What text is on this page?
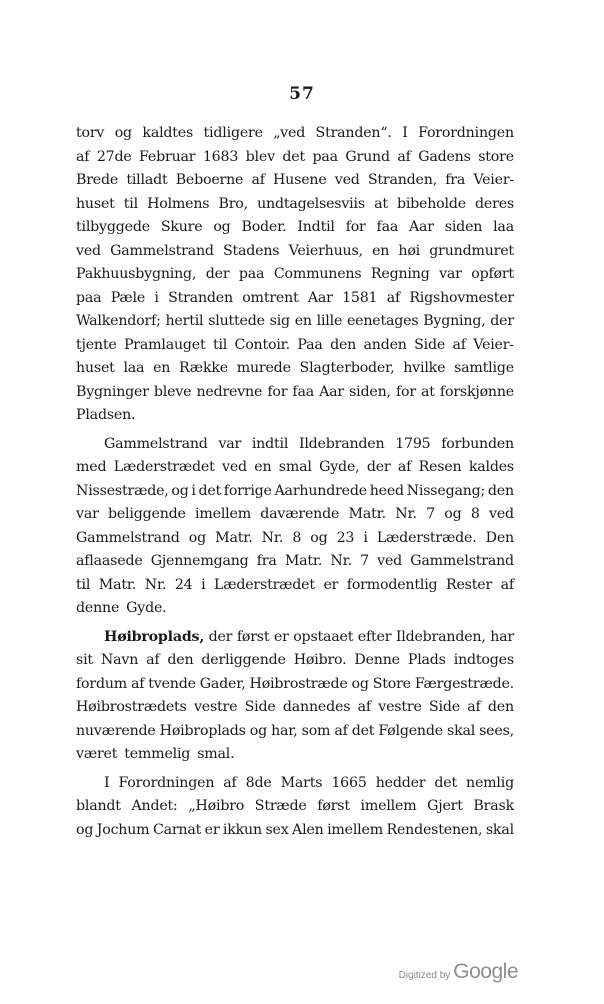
57
torv og kaldtes tidligere „ved Stranden“. I Forordningen
af 27de Februar 1683 blev det paa Grund af Gadens store
Brede tilladt Beboerne af Husene ved Stranden, fra Veier-
huset til Holmens Bro, undtagelsesviis at bibeholde deres
tilbyggede Skure og Boder. Indtil for faa Aar siden laa
ved Gammelstrand Stadens Veierhuus, en høi grundmuret
Pakhuusbygning, der paa Communens Regning var opført
paa Pæle i Stranden omtrent Aar 1581 af Rigshovmester
Walkendorf; hertil sluttede sig en lille eenetages Bygning, der
tjente Pramlauget til Contoir. Paa den anden Side af Veier-
huset laa en Række murede Slagterboder, hvilke samtlige
Bygninger bleve nedrevne for faa Aar siden, for at forskjønne
Pladsen.
Gammelstrand var indtil Ildebranden 1795 forbunden
med Læderstrædet ved en smal Gyde, der af Resen kaldes
Nissestræde, og i det forrige Aarhundrede heed Nissegang; den
var beliggende imellem daværende Matr. Nr. 7 og 8 ved
Gammelstrand og Matr. Nr. 8 og 23 i Læderstræde. Den
aflaasede Gjennemgang fra Matr. Nr. 7 ved Gammelstrand
til Matr. Nr. 24 i Læderstrædet er formodentlig Rester af
denne Gyde.
Høibroplads, der først er opstaaet efter Ildebranden, har
sit Navn af den derliggende Høibro. Denne Plads indtoges
fordum af tvende Gader, Høibrostræde og Store Færgestræde.
Høibrostrædets vestre Side dannedes af vestre Side af den
nuværende Høibroplads og har, som af det Følgende skal sees,
været temmelig smal.
I Forordningen af 8de Marts 1665 hedder det nemlig
blandt Andet: „Høibro Stræde først imellem Gjert Brask
og Jochum Carnat er ikkun sex Alen imellem Rendestenen, skal
Digitized by Google
